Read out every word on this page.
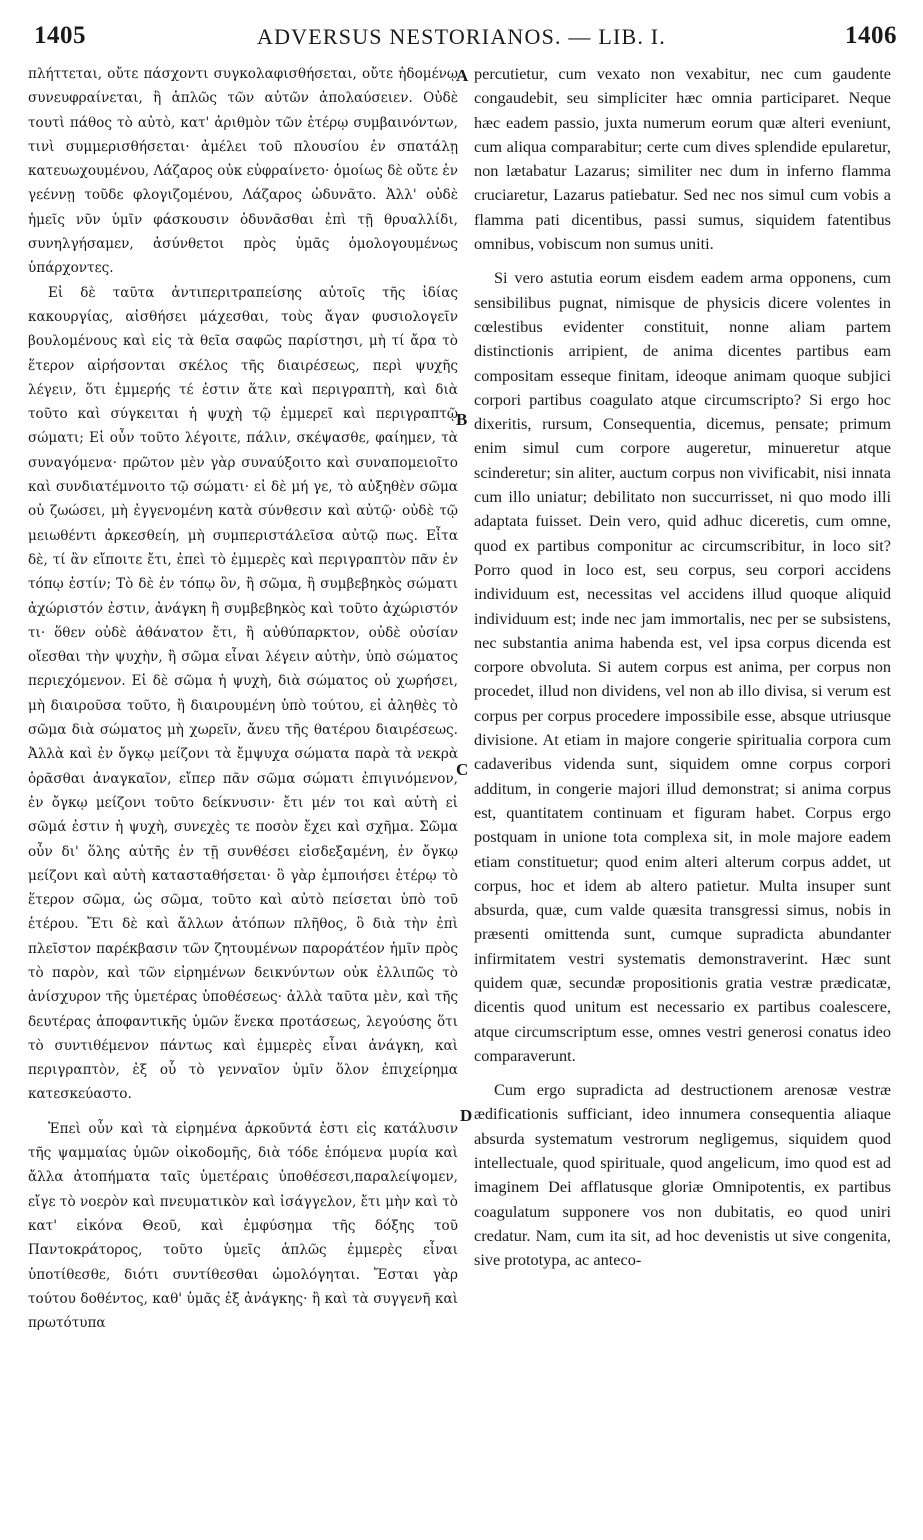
1405	ADVERSUS NESTORIANOS. — LIB. I.	1406

πλήττεται, οὔτε πάσχοντι συγκολαφισθήσεται, οὔτε ἡδομένῳ συνευφραίνεται, ἢ ἁπλῶς τῶν αὐτῶν ἀπολαύσειεν. Οὐδὲ τουτὶ πάθος τὸ αὐτὸ, κατ' ἀριθμὸν τῶν ἑτέρῳ συμβαινόντων, τινὶ συμμερισθήσεται· ἀμέλει τοῦ πλουσίου ἐν σπατάλῃ κατευωχουμένου, Λάζαρος οὐκ εὐφραίνετο· ὁμοίως δὲ οὔτε ἐν γεέννῃ τοῦδε φλογιζομένου, Λάζαρος ὠδυνᾶτο. Ἀλλ' οὐδὲ ἡμεῖς νῦν ὑμῖν φάσκουσιν ὀδυνᾶσθαι ἐπὶ τῇ θρυαλλίδι, συνηλγήσαμεν, ἀσύνθετοι πρὸς ὑμᾶς ὁμολογουμένως ὑπάρχοντες.

Εἰ δὲ ταῦτα ἀντιπεριτραπείσης αὐτοῖς τῆς ἰδίας κακουργίας, αἰσθήσει μάχεσθαι, τοὺς ἄγαν φυσιολογεῖν βουλομένους καὶ εἰς τὰ θεῖα σαφῶς παρίστησι, μὴ τί ἄρα τὸ ἕτερον αἱρήσονται σκέλος τῆς διαιρέσεως, περὶ ψυχῆς λέγειν, ὅτι ἐμμερής τέ ἐστιν ἅτε καὶ περιγραπτὴ, καὶ διὰ τοῦτο καὶ σύγκειται ἡ ψυχὴ τῷ ἐμμερεῖ καὶ περιγραπτῷ σώματι; Εἰ οὖν τοῦτο λέγοιτε, πάλιν, σκέψασθε, φαίημεν, τὰ συναγόμενα· πρῶτον μὲν γὰρ συναύξοιτο καὶ συναπομειοῖτο καὶ συνδιατέμνοιτο τῷ σώματι· εἰ δὲ μή γε, τὸ αὐξηθὲν σῶμα οὐ ζωώσει, μὴ ἐγγενομένη κατὰ σύνθεσιν καὶ αὐτῷ· οὐδὲ τῷ μειωθέντι ἀρκεσθείη, μὴ συμπεριστάλεῖσα αὐτῷ πως. Εἶτα δὲ, τί ἂν εἴποιτε ἔτι, ἐπεὶ τὸ ἐμμερὲς καὶ περιγραπτὸν πᾶν ἐν τόπῳ ἐστίν; Τὸ δὲ ἐν τόπῳ ὂν, ἢ σῶμα, ἢ συμβεβηκὸς σώματι ἀχώριστόν ἐστιν, ἀνάγκη ἢ συμβεβηκὸς καὶ τοῦτο ἀχώριστόν τι· ὅθεν οὐδὲ ἀθάνατον ἔτι, ἢ αὐθύπαρκτον, οὐδὲ οὐσίαν οἴεσθαι τὴν ψυχὴν, ἢ σῶμα εἶναι λέγειν αὐτὴν, ὑπὸ σώματος περιεχόμενον. Εἰ δὲ σῶμα ἡ ψυχὴ, διὰ σώματος οὐ χωρήσει, μὴ διαιροῦσα τοῦτο, ἢ διαιρουμένη ὑπὸ τούτου, εἰ ἀληθὲς τὸ σῶμα διὰ σώματος μὴ χωρεῖν, ἄνευ τῆς θατέρου διαιρέσεως. Ἀλλὰ καὶ ἐν ὄγκῳ μείζονι τὰ ἔμψυχα σώματα παρὰ τὰ νεκρὰ ὁρᾶσθαι ἀναγκαῖον, εἴπερ πᾶν σῶμα σώματι ἐπιγινόμενον, ἐν ὄγκῳ μείζονι τοῦτο δείκνυσιν· ἔτι μέν τοι καὶ αὐτὴ εἰ σῶμά ἐστιν ἡ ψυχὴ, συνεχὲς τε ποσὸν ἔχει καὶ σχῆμα. Σῶμα οὖν δι' ὅλης αὐτῆς ἐν τῇ συνθέσει εἰσδεξαμένη, ἐν ὄγκῳ μείζονι καὶ αὐτὴ κατασταθήσεται· ὃ γὰρ ἐμποιήσει ἑτέρῳ τὸ ἕτερον σῶμα, ὡς σῶμα, τοῦτο καὶ αὐτὸ πείσεται ὑπὸ τοῦ ἑτέρου. Ἔτι δὲ καὶ ἄλλων ἀτόπων πλῆθος, ὃ διὰ τὴν ἐπὶ πλεῖστον παρέκβασιν τῶν ζητουμένων παροράτέον ἡμῖν πρὸς τὸ παρὸν, καὶ τῶν εἰρημένων δεικνύντων οὐκ ἐλλιπῶς τὸ ἀνίσχυρον τῆς ὑμετέρας ὑποθέσεως· ἀλλὰ ταῦτα μὲν, καὶ τῆς δευτέρας ἀποφαντικῆς ὑμῶν ἕνεκα προτάσεως, λεγούσης ὅτι τὸ συντιθέμενον πάντως καὶ ἐμμερὲς εἶναι ἀνάγκη, καὶ περιγραπτὸν, ἐξ οὗ τὸ γενναῖον ὑμῖν ὅλον ἐπιχείρημα κατεσκεύαστο.

Ἐπεὶ οὖν καὶ τὰ εἰρημένα ἀρκοῦντά ἐστι εἰς κατάλυσιν τῆς ψαμμαίας ὑμῶν οἰκοδομῆς, διὰ τόδε ἑπόμενα μυρία καὶ ἄλλα ἀτοπήματα ταῖς ὑμετέραις ὑποθέσεσι,παραλείψομεν, εἴγε τὸ νοερὸν καὶ πνευματικὸν καὶ ἰσάγγελον, ἔτι μὴν καὶ τὸ κατ' εἰκόνα Θεοῦ, καὶ ἐμφύσημα τῆς δόξης τοῦ Παντοκράτορος, τοῦτο ὑμεῖς ἁπλῶς ἐμμερὲς εἶναι ὑποτίθεσθε, διότι συντίθεσθαι ὡμολόγηται. Ἔσται γὰρ τούτου δοθέντος, καθ' ὑμᾶς ἐξ ἀνάγκης· ἢ καὶ τὰ συγγενῆ καὶ πρωτότυπα

A
B
C
D

percutietur, cum vexato non vexabitur, nec cum gaudente congaudebit, seu simpliciter hæc omnia participaret. Neque hæc eadem passio, juxta numerum eorum quæ alteri eveniunt, cum aliqua comparabitur; certe cum dives splendide epularetur, non lætabatur Lazarus; similiter nec dum in inferno flamma cruciaretur, Lazarus patiebatur. Sed nec nos simul cum vobis a flamma pati dicentibus, passi sumus, siquidem fatentibus omnibus, vobiscum non sumus uniti.

Si vero astutia eorum eisdem eadem arma opponens, cum sensibilibus pugnat, nimisque de physicis dicere volentes in cœlestibus evidenter constituit, nonne aliam partem distinctionis arripient, de anima dicentes partibus eam compositam esseque finitam, ideoque animam quoque subjici corpori partibus coagulato atque circumscripto? Si ergo hoc dixeritis, rursum, Consequentia, dicemus, pensate; primum enim simul cum corpore augeretur, minueretur atque scinderetur; sin aliter, auctum corpus non vivificabit, nisi innata cum illo uniatur; debilitato non succurrisset, ni quo modo illi adaptata fuisset. Dein vero, quid adhuc diceretis, cum omne, quod ex partibus componitur ac circumscribitur, in loco sit? Porro quod in loco est, seu corpus, seu corpori accidens individuum est, necessitas vel accidens illud quoque aliquid individuum est; inde nec jam immortalis, nec per se subsistens, nec substantia anima habenda est, vel ipsa corpus dicenda est corpore obvoluta. Si autem corpus est anima, per corpus non procedet, illud non dividens, vel non ab illo divisa, si verum est corpus per corpus procedere impossibile esse, absque utriusque divisione. At etiam in majore congerie spiritualia corpora cum cadaveribus videnda sunt, siquidem omne corpus corpori additum, in congerie majori illud demonstrat; si anima corpus est, quantitatem continuam et figuram habet. Corpus ergo postquam in unione tota complexa sit, in mole majore eadem etiam constituetur; quod enim alteri alterum corpus addet, ut corpus, hoc et idem ab altero patietur. Multa insuper sunt absurda, quæ, cum valde quæsita transgressi simus, nobis in præsenti omittenda sunt, cumque supradicta abundanter infirmitatem vestri systematis demonstraverint. Hæc sunt quidem quæ, secundæ propositionis gratia vestræ prædicatæ, dicentis quod unitum est necessario ex partibus coalescere, atque circumscriptum esse, omnes vestri generosi conatus ideo comparaverunt.

Cum ergo supradicta ad destructionem arenosæ vestræ ædificationis sufficiant, ideo innumera consequentia aliaque absurda systematum vestrorum negligemus, siquidem quod intellectuale, quod spirituale, quod angelicum, imo quod est ad imaginem Dei afflatusque gloriæ Omnipotentis, ex partibus coagulatum supponere vos non dubitatis, eo quod uniri credatur. Nam, cum ita sit, ad hoc devenistis ut sive congenita, sive prototypa, ac anteco-
